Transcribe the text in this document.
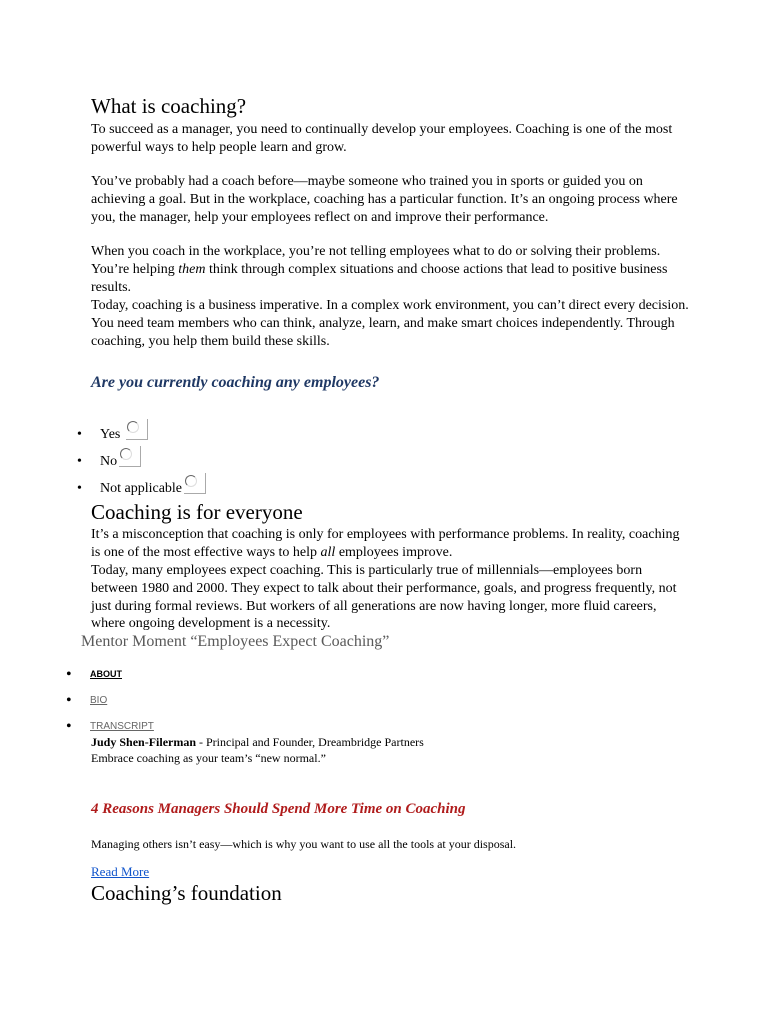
What is coaching?

To succeed as a manager, you need to continually develop your employees. Coaching is one of the most powerful ways to help people learn and grow.

You’ve probably had a coach before—maybe someone who trained you in sports or guided you on achieving a goal. But in the workplace, coaching has a particular function. It’s an ongoing process where you, the manager, help your employees reflect on and improve their performance.

When you coach in the workplace, you’re not telling employees what to do or solving their problems. You’re helping them think through complex situations and choose actions that lead to positive business results.

Today, coaching is a business imperative. In a complex work environment, you can’t direct every decision. You need team members who can think, analyze, learn, and make smart choices independently. Through coaching, you help them build these skills.

Are you currently coaching any employees?
• Yes
• No
• Not applicable
Coaching is for everyone

It’s a misconception that coaching is only for employees with performance problems. In reality, coaching is one of the most effective ways to help all employees improve.

Today, many employees expect coaching. This is particularly true of millennials—employees born between 1980 and 2000. They expect to talk about their performance, goals, and progress frequently, not just during formal reviews. But workers of all generations are now having longer, more fluid careers, where ongoing development is a necessity.

Mentor Moment “Employees Expect Coaching”
• ABOUT
• BIO
• TRANSCRIPT
Judy Shen-Filerman - Principal and Founder, Dreambridge Partners
Embrace coaching as your team’s “new normal.”
4 Reasons Managers Should Spend More Time on Coaching
Managing others isn’t easy—which is why you want to use all the tools at your disposal.
Read More
Coaching’s foundation
